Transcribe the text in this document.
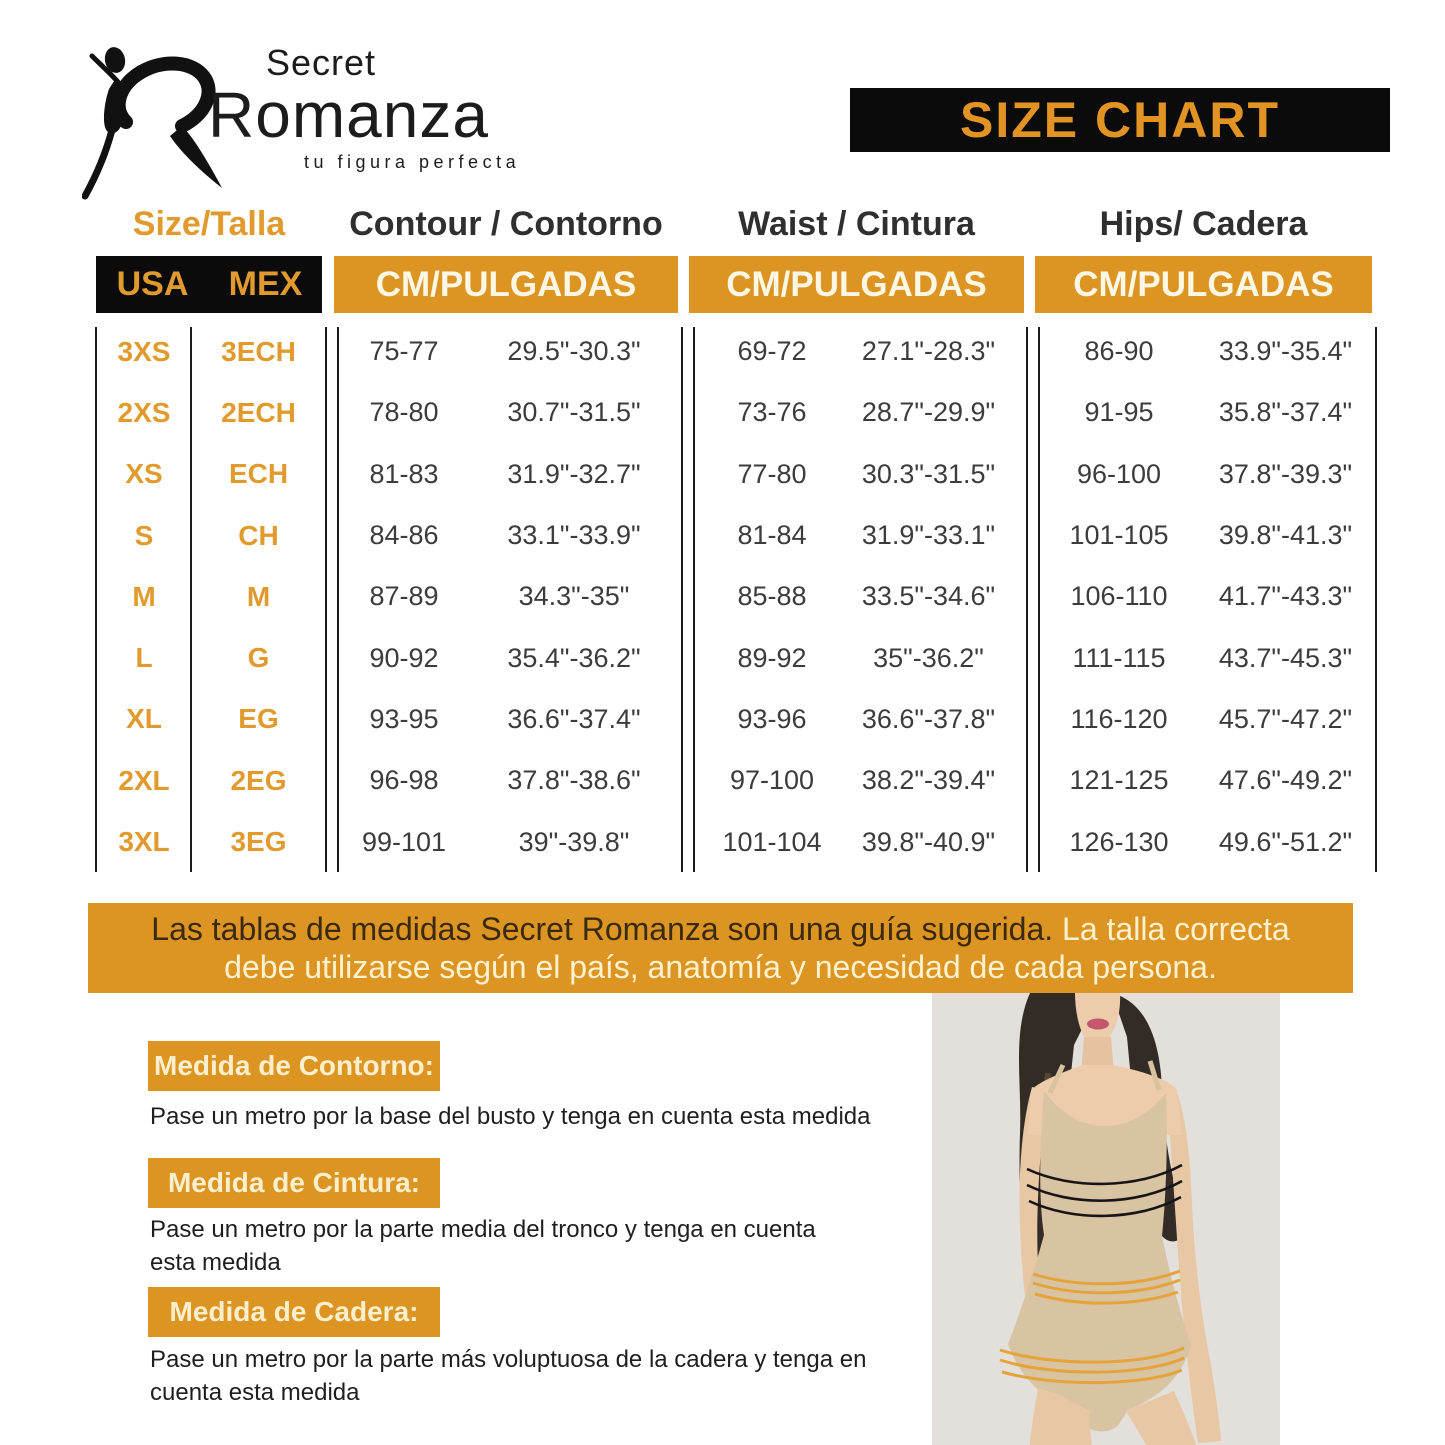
Secret
Romanza
tu figura perfecta
SIZE CHART
Size/Talla	Contour / Contorno	Waist / Cintura	Hips/ Cadera
USA	MEX	CM/PULGADAS	CM/PULGADAS	CM/PULGADAS
3XS	3ECH	75-77	29.5"-30.3"	69-72	27.1"-28.3"	86-90	33.9"-35.4"
2XS	2ECH	78-80	30.7"-31.5"	73-76	28.7"-29.9"	91-95	35.8"-37.4"
XS	ECH	81-83	31.9"-32.7"	77-80	30.3"-31.5"	96-100	37.8"-39.3"
S	CH	84-86	33.1"-33.9"	81-84	31.9"-33.1"	101-105	39.8"-41.3"
M	M	87-89	34.3"-35"	85-88	33.5"-34.6"	106-110	41.7"-43.3"
L	G	90-92	35.4"-36.2"	89-92	35"-36.2"	111-115	43.7"-45.3"
XL	EG	93-95	36.6"-37.4"	93-96	36.6"-37.8"	116-120	45.7"-47.2"
2XL	2EG	96-98	37.8"-38.6"	97-100	38.2"-39.4"	121-125	47.6"-49.2"
3XL	3EG	99-101	39"-39.8"	101-104	39.8"-40.9"	126-130	49.6"-51.2"
Las tablas de medidas Secret Romanza son una guía sugerida. La talla correcta
debe utilizarse según el país, anatomía y necesidad de cada persona.
Medida de Contorno:
Pase un metro por la base del busto y tenga en cuenta esta medida
Medida de Cintura:
Pase un metro por la parte media del tronco y tenga en cuenta
esta medida
Medida de Cadera:
Pase un metro por la parte más voluptuosa de la cadera y tenga en
cuenta esta medida
